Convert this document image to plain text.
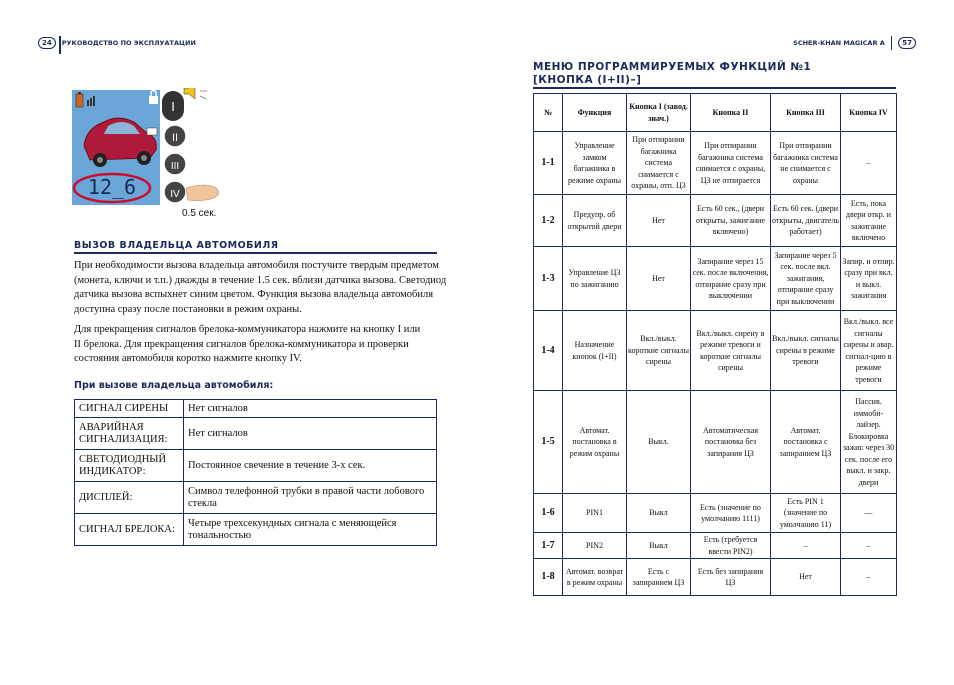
24	РУКОВОДСТВО ПО ЭКСПЛУАТАЦИИ	SCHER-KHAN MAGICAR A	57
12_6
I
II
III
IV
0.5 сек.
ВЫЗОВ ВЛАДЕЛЬЦА АВТОМОБИЛЯ
При необходимости вызова владельца автомобиля постучите твердым предметом
(монета, ключи и т.п.) дважды в течение 1.5 сек. вблизи датчика вызова. Светодиод
датчика вызова вспыхнет синим цветом. Функция вызова владельца автомобиля
доступна сразу после постановки в режим охраны.
Для прекращения сигналов брелока-коммуникатора нажмите на кнопку I или
II брелока. Для прекращения сигналов брелока-коммуникатора и проверки
состояния автомобиля коротко нажмите кнопку IV.
При вызове владельца автомобиля:
СИГНАЛ СИРЕНЫ	Нет сигналов
АВАРИЙНАЯ СИГНАЛИЗАЦИЯ:	Нет сигналов
СВЕТОДИОДНЫЙ ИНДИКАТОР:	Постоянное свечение в течение 3-х сек.
ДИСПЛЕЙ:	Символ телефонной трубки в правой части лобового стекла
СИГНАЛ БРЕЛОКА:	Четыре трехсекундных сигнала с меняющейся тональностью
МЕНЮ ПРОГРАММИРУЕМЫХ ФУНКЦИЙ №1
[КНОПКА (I+II)–]
№	Функция	Кнопка I (завод. знач.)	Кнопка II	Кнопка III	Кнопка IV
1-1	Управление замком багажника в режиме охраны	При отпирании багажника система снимается с охраны, отп. ЦЗ	При отпирании багажника система снимается с охраны, ЦЗ не отпирается	При отпирании багажника система не снимается с охраны	–
1-2	Предупр. об открытой двери	Нет	Есть 60 сек., (двери открыты, зажигание включено)	Есть 60 сек. (двери открыты, двигатель работает)	Есть, пока двери откр. и зажигание включено
1-3	Управление ЦЗ по зажиганию	Нет	Запирание через 15 сек. после включения, отпирание сразу при выключении	Запирание через 5 сек. после вкл. зажигания, отпирание сразу при выключении	Запир. и отпир. сразу при вкл. и выкл. зажигания
1-4	Назначение кнопок (I+II)	Вкл./выкл. короткие сигналы сирены	Вкл./выкл. сирену в режиме тревоги и короткие сигналы сирены	Вкл./выкл. сигналы сирены в режиме тревоги	Вкл./выкл. все сигналы сирены и авар. сигнал-цию в режиме тревоги
1-5	Автомат. постановка в режим охраны	Выкл.	Автоматическая постановка без запирания ЦЗ	Автомат. постановка с запиранием ЦЗ	Пассив. иммоби-лайзер. Блокировка зажиг. через 30 сек. после его выкл. и закр. двери
1-6	PIN1	Выкл	Есть (значение по умолчанию 1111)	Есть PIN 1 (значение по умолчанию 11)	—
1-7	PIN2	Выкл	Есть (требуется ввести PIN2)	–	–
1-8	Автомат. возврат в режим охраны	Есть с запиранием ЦЗ	Есть без запирания ЦЗ	Нет	–
